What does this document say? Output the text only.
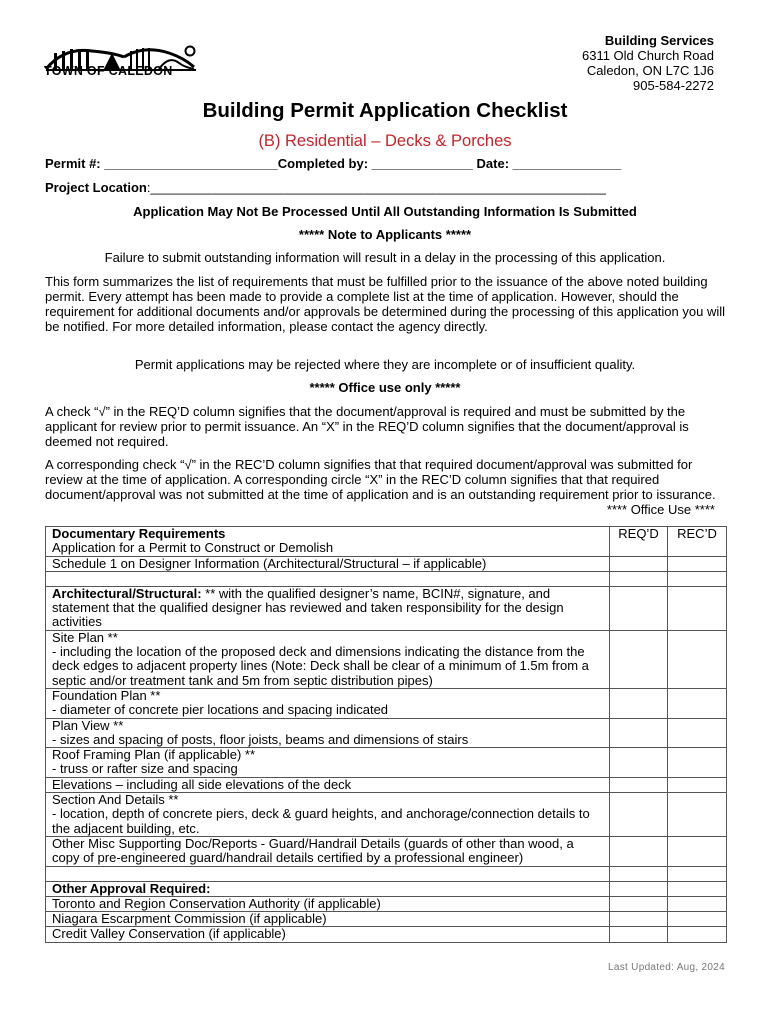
TOWN OF CALEDON
Building Services
6311 Old Church Road
Caledon, ON L7C 1J6
905-584-2272
Building Permit Application Checklist
(B) Residential – Decks & Porches
Permit #: ________________________Completed by: ______________ Date: _______________
Project Location:_______________________________________________________________
Application May Not Be Processed Until All Outstanding Information Is Submitted
***** Note to Applicants *****
Failure to submit outstanding information will result in a delay in the processing of this application.
This form summarizes the list of requirements that must be fulfilled prior to the issuance of the above noted building permit. Every attempt has been made to provide a complete list at the time of application. However, should the requirement for additional documents and/or approvals be determined during the processing of this application you will be notified. For more detailed information, please contact the agency directly.
Permit applications may be rejected where they are incomplete or of insufficient quality.
***** Office use only *****
A check “√” in the REQ’D column signifies that the document/approval is required and must be submitted by the applicant for review prior to permit issuance. An “X” in the REQ’D column signifies that the document/approval is deemed not required.
A corresponding check “√” in the REC’D column signifies that that required document/approval was submitted for review at the time of application. A corresponding circle “X” in the REC’D column signifies that that required document/approval was not submitted at the time of application and is an outstanding requirement prior to issurance.
**** Office Use ****
Documentary Requirements
Application for a Permit to Construct or Demolish	REQ’D	REC’D
Schedule 1 on Designer Information (Architectural/Structural – if applicable)		

Architectural/Structural: ** with the qualified designer’s name, BCIN#, signature, and statement that the qualified designer has reviewed and taken responsibility for the design activities		

Site Plan **
- including the location of the proposed deck and dimensions indicating the distance from the deck edges to adjacent property lines (Note: Deck shall be clear of a minimum of 1.5m from a septic and/or treatment tank and 5m from septic distribution pipes)		

Foundation Plan **
- diameter of concrete pier locations and spacing indicated		

Plan View **
- sizes and spacing of posts, floor joists, beams and dimensions of stairs		

Roof Framing Plan (if applicable) **
- truss or rafter size and spacing		

Elevations – including all side elevations of the deck		

Section And Details **
- location, depth of concrete piers, deck & guard heights, and anchorage/connection details to the adjacent building, etc.		

Other Misc Supporting Doc/Reports - Guard/Handrail Details (guards of other than wood, a copy of pre-engineered guard/handrail details certified by a professional engineer)		

Other Approval Required:		
Toronto and Region Conservation Authority (if applicable)		
Niagara Escarpment Commission (if applicable)		
Credit Valley Conservation (if applicable)		
Last Updated: Aug, 2024
